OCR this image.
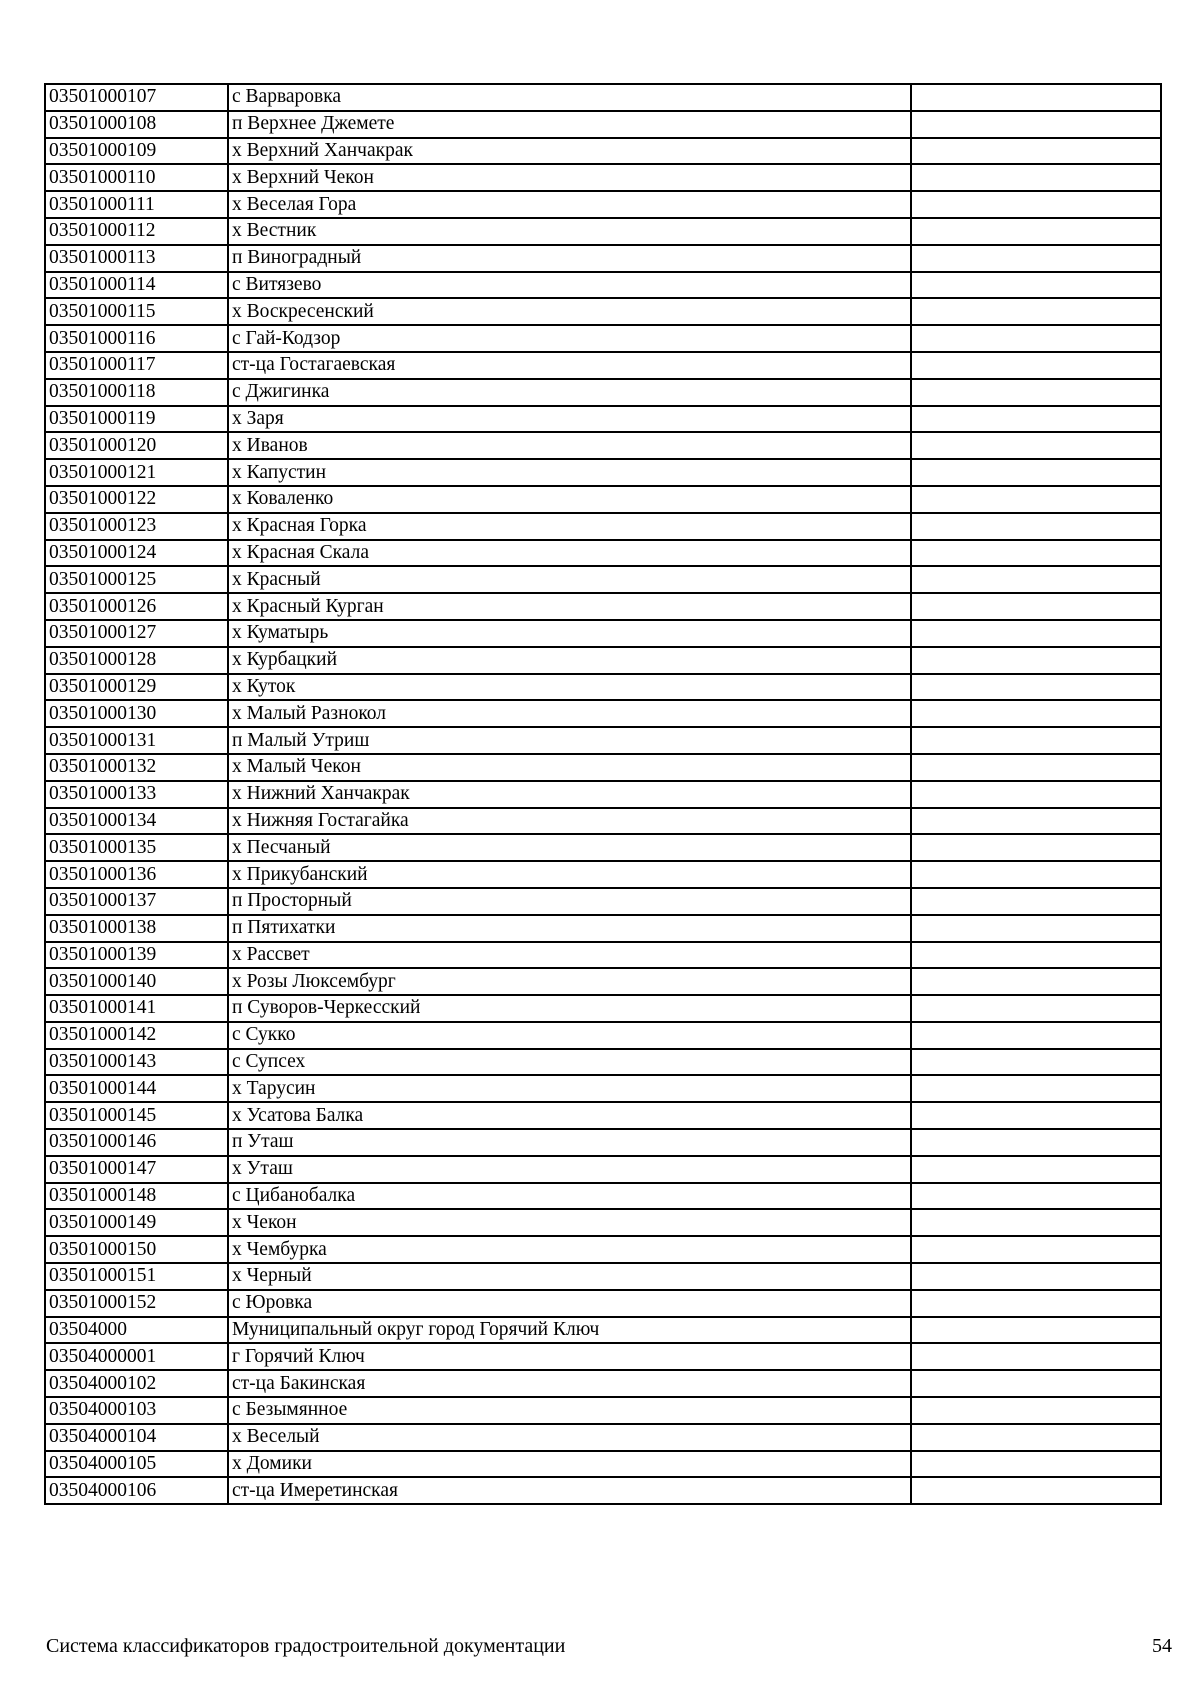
03501000107	с Варваровка	
03501000108	п Верхнее Джемете	
03501000109	х Верхний Ханчакрак	
03501000110	х Верхний Чекон	
03501000111	х Веселая Гора	
03501000112	х Вестник	
03501000113	п Виноградный	
03501000114	с Витязево	
03501000115	х Воскресенский	
03501000116	с Гай-Кодзор	
03501000117	ст-ца Гостагаевская	
03501000118	с Джигинка	
03501000119	х Заря	
03501000120	х Иванов	
03501000121	х Капустин	
03501000122	х Коваленко	
03501000123	х Красная Горка	
03501000124	х Красная Скала	
03501000125	х Красный	
03501000126	х Красный Курган	
03501000127	х Куматырь	
03501000128	х Курбацкий	
03501000129	х Куток	
03501000130	х Малый Разнокол	
03501000131	п Малый Утриш	
03501000132	х Малый Чекон	
03501000133	х Нижний Ханчакрак	
03501000134	х Нижняя Гостагайка	
03501000135	х Песчаный	
03501000136	х Прикубанский	
03501000137	п Просторный	
03501000138	п Пятихатки	
03501000139	х Рассвет	
03501000140	х Розы Люксембург	
03501000141	п Суворов-Черкесский	
03501000142	с Сукко	
03501000143	с Супсех	
03501000144	х Тарусин	
03501000145	х Усатова Балка	
03501000146	п Уташ	
03501000147	х Уташ	
03501000148	с Цибанобалка	
03501000149	х Чекон	
03501000150	х Чембурка	
03501000151	х Черный	
03501000152	с Юровка	
03504000	Муниципальный округ город Горячий Ключ	
03504000001	г Горячий Ключ	
03504000102	ст-ца Бакинская	
03504000103	с Безымянное	
03504000104	х Веселый	
03504000105	х Домики	
03504000106	ст-ца Имеретинская	
Система классификаторов градостроительной документации	54
